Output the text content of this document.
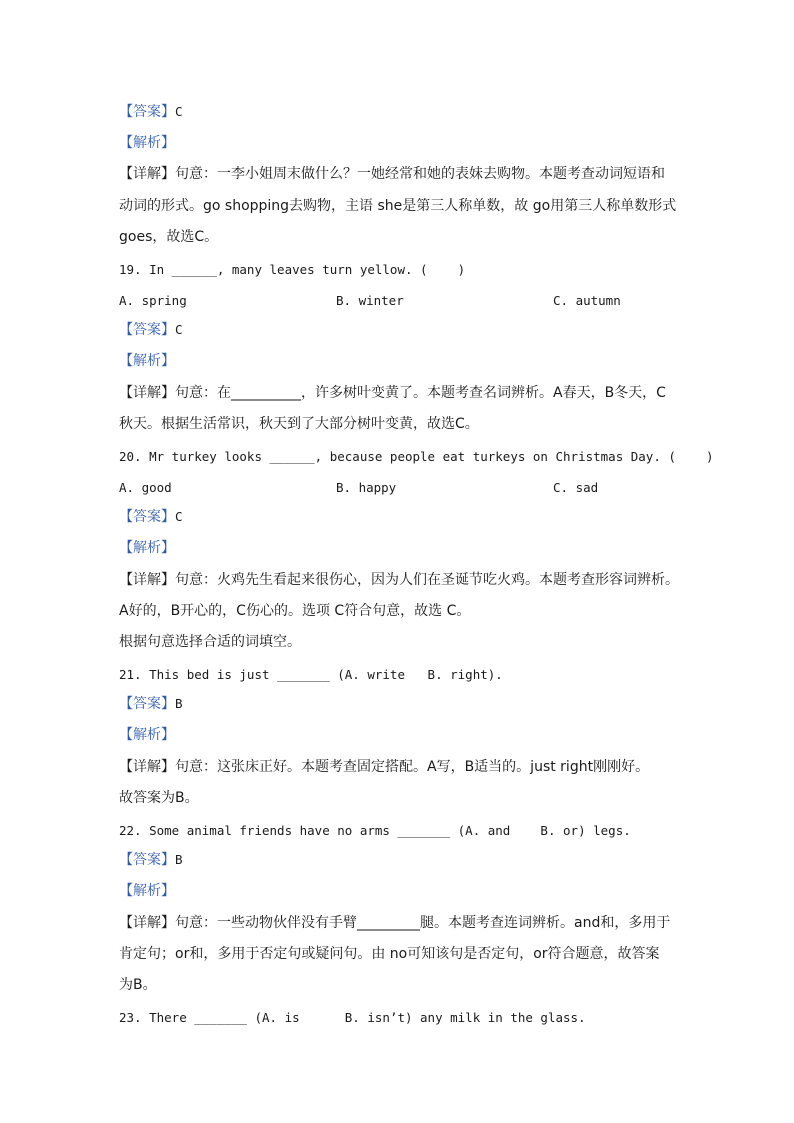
【答案】C

【解析】

【详解】句意：一李小姐周末做什么？一她经常和她的表妹去购物。本题考查动词短语和

动词的形式。go shopping去购物，主语 she是第三人称单数，故 go用第三人称单数形式

goes，故选C。

19. In ______, many leaves turn yellow. (    )

A. spring	B. winter	C. autumn

【答案】C

【解析】

【详解】句意：在__________，许多树叶变黄了。本题考查名词辨析。A春天，B冬天，C

秋天。根据生活常识，秋天到了大部分树叶变黄，故选C。

20. Mr turkey looks ______, because people eat turkeys on Christmas Day. (    )

A. good	B. happy	C. sad

【答案】C

【解析】

【详解】句意：火鸡先生看起来很伤心，因为人们在圣诞节吃火鸡。本题考查形容词辨析。

A好的，B开心的，C伤心的。选项 C符合句意，故选 C。

根据句意选择合适的词填空。

21. This bed is just _______ (A. write   B. right).

【答案】B

【解析】

【详解】句意：这张床正好。本题考查固定搭配。A写，B适当的。just right刚刚好。

故答案为B。

22. Some animal friends have no arms _______ (A. and    B. or) legs.

【答案】B

【解析】

【详解】句意：一些动物伙伴没有手臂_________腿。本题考查连词辨析。and和，多用于

肯定句；or和，多用于否定句或疑问句。由 no可知该句是否定句，or符合题意，故答案

为B。

23. There _______ (A. is      B. isn’t) any milk in the glass.
